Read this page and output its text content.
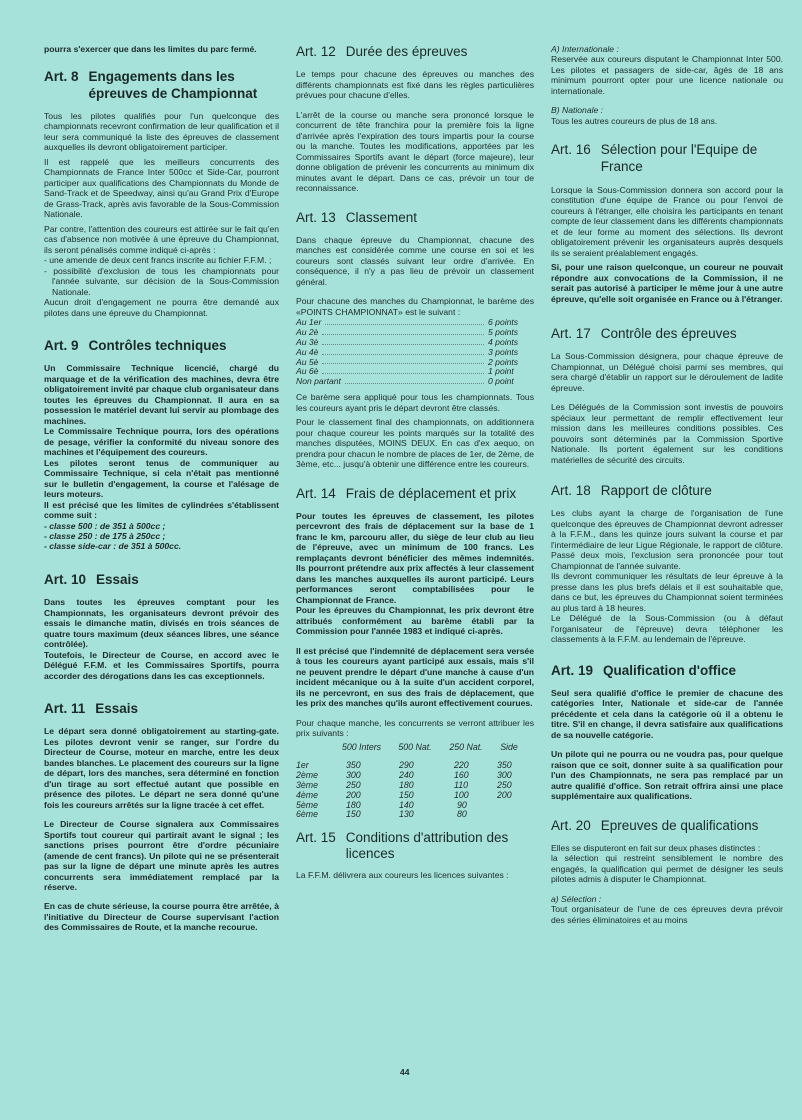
pourra s'exercer que dans les limites du parc fermé.

Art. 8 Engagements dans les épreuves de Championnat

Tous les pilotes qualifiés pour l'un quelconque des championnats recevront confirmation de leur qualification et il leur sera communiqué la liste des épreuves de classement auxquelles ils devront obligatoirement participer.

Il est rappelé que les meilleurs concurrents des Championnats de France Inter 500cc et Side-Car, pourront participer aux qualifications des Championnats du Monde de Sand-Track et de Speedway, ainsi qu'au Grand Prix d'Europe de Grass-Track, après avis favorable de la Sous-Commission Nationale.

Par contre, l'attention des coureurs est attirée sur le fait qu'en cas d'absence non motivée à une épreuve du Championnat, ils seront pénalisés comme indiqué ci-après :

- une amende de deux cent francs inscrite au fichier F.F.M. ;

- possibilité d'exclusion de tous les championnats pour l'année suivante, sur décision de la Sous-Commission Nationale.

Aucun droit d'engagement ne pourra être demandé aux pilotes dans une épreuve du Championnat.

Art. 9 Contrôles techniques

Un Commissaire Technique licencié, chargé du marquage et de la vérification des machines, devra être obligatoirement invité par chaque club organisateur dans toutes les épreuves du Championnat. Il aura en sa possession le matériel devant lui servir au plombage des machines.

Le Commissaire Technique pourra, lors des opérations de pesage, vérifier la conformité du niveau sonore des machines et l'équipement des coureurs.

Les pilotes seront tenus de communiquer au Commissaire Technique, si cela n'était pas mentionné sur le bulletin d'engagement, la course et l'alésage de leurs moteurs.

Il est précisé que les limites de cylindrées s'établissent comme suit :

- classe 500 : de 351 à 500cc ;

- classe 250 : de 175 à 250cc ;

- classe side-car : de 351 à 500cc.

Art. 10 Essais

Dans toutes les épreuves comptant pour les Championnats, les organisateurs devront prévoir des essais le dimanche matin, divisés en trois séances de quatre tours maximum (deux séances libres, une séance contrôlée).

Toutefois, le Directeur de Course, en accord avec le Délégué F.F.M. et les Commissaires Sportifs, pourra accorder des dérogations dans les cas exceptionnels.

Art. 11 Essais

Le départ sera donné obligatoirement au starting-gate. Les pilotes devront venir se ranger, sur l'ordre du Directeur de Course, moteur en marche, entre les deux bandes blanches. Le placement des coureurs sur la ligne de départ, lors des manches, sera déterminé en fonction d'un tirage au sort effectué autant que possible en présence des pilotes. Le départ ne sera donné qu'une fois les coureurs arrêtés sur la ligne tracée à cet effet.

Le Directeur de Course signalera aux Commissaires Sportifs tout coureur qui partirait avant le signal ; les sanctions prises pourront être d'ordre pécuniaire (amende de cent francs). Un pilote qui ne se présenterait pas sur la ligne de départ une minute après les autres concurrents sera immédiatement remplacé par la réserve.

En cas de chute sérieuse, la course pourra être arrêtée, à l'initiative du Directeur de Course supervisant l'action des Commissaires de Route, et la manche recourue.

Art. 12 Durée des épreuves

Le temps pour chacune des épreuves ou manches des différents championnats est fixé dans les règles particulières prévues pour chacune d'elles.

L'arrêt de la course ou manche sera prononcé lorsque le concurrent de tête franchira pour la première fois la ligne d'arrivée après l'expiration des tours impartis pour la course ou la manche. Toutes les modifications, apportées par les Commissaires Sportifs avant le départ (force majeure), leur donne obligation de prévenir les concurrents au minimum dix minutes avant le départ. Dans ce cas, prévoir un tour de reconnaissance.

Art. 13 Classement

Dans chaque épreuve du Championnat, chacune des manches est considérée comme une course en soi et les coureurs sont classés suivant leur ordre d'arrivée. En conséquence, il n'y a pas lieu de prévoir un classement général.

Pour chacune des manches du Championnat, le barème des «POINTS CHAMPIONNAT» est le suivant :

Au 1er	6 points
Au 2è	5 points
Au 3è	4 points
Au 4è	3 points
Au 5è	2 points
Au 6è	1 point
Non partant	0 point

Ce barème sera appliqué pour tous les championnats. Tous les coureurs ayant pris le départ devront être classés.

Pour le classement final des championnats, on additionnera pour chaque coureur les points marqués sur la totalité des manches disputées, MOINS DEUX. En cas d'ex aequo, on prendra pour chacun le nombre de places de 1er, de 2ème, de 3ème, etc... jusqu'à obtenir une différence entre les coureurs.

Art. 14 Frais de déplacement et prix

Pour toutes les épreuves de classement, les pilotes percevront des frais de déplacement sur la base de 1 franc le km, parcouru aller, du siège de leur club au lieu de l'épreuve, avec un minimum de 100 francs. Les remplaçants devront bénéficier des mêmes indemnités. Ils pourront prétendre aux prix affectés à leur classement dans les manches auxquelles ils auront participé. Leurs performances seront comptabilisées pour le Championnat de France.

Pour les épreuves du Championnat, les prix devront être attribués conformément au barème établi par la Commission pour l'année 1983 et indiqué ci-après.

Il est précisé que l'indemnité de déplacement sera versée à tous les coureurs ayant participé aux essais, mais s'il ne peuvent prendre le départ d'une manche à cause d'un incident mécanique ou à la suite d'un accident corporel, ils ne percevront, en sus des frais de déplacement, que les prix des manches qu'ils auront effectivement courues.

Pour chaque manche, les concurrents se verront attribuer les prix suivants :

	500 Inters	500 Nat.	250 Nat.	Side
1er	350	290	220	350
2ème	300	240	160	300
3ème	250	180	110	250
4ème	200	150	100	200
5ème	180	140	90	
6ème	150	130	80	
Art. 15 Conditions d'attribution des licences

La F.F.M. délivrera aux coureurs les licences suivantes :

A) Internationale :

Reservée aux coureurs disputant le Championnat Inter 500. Les pilotes et passagers de side-car, âgés de 18 ans minimum pourront opter pour une licence nationale ou internationale.

B) Nationale :

Tous les autres coureurs de plus de 18 ans.

Art. 16 Sélection pour l'Equipe de France

Lorsque la Sous-Commission donnera son accord pour la constitution d'une équipe de France ou pour l'envoi de coureurs à l'étranger, elle choisira les participants en tenant compte de leur classement dans les différents championnats et de leur forme au moment des sélections. Ils devront obligatoirement prévenir les organisateurs auprès desquels ils se seraient préalablement engagés.

Si, pour une raison quelconque, un coureur ne pouvait répondre aux convocations de la Commission, il ne serait pas autorisé à participer le même jour à une autre épreuve, qu'elle soit organisée en France ou à l'étranger.

Art. 17 Contrôle des épreuves

La Sous-Commission désignera, pour chaque épreuve de Championnat, un Délégué choisi parmi ses membres, qui sera chargé d'établir un rapport sur le déroulement de ladite épreuve.

Les Délégués de la Commission sont investis de pouvoirs spéciaux leur permettant de remplir effectivement leur mission dans les meilleures conditions possibles. Ces pouvoirs sont déterminés par la Commission Sportive Nationale. Ils portent également sur les conditions matérielles de sécurité des circuits.

Art. 18 Rapport de clôture

Les clubs ayant la charge de l'organisation de l'une quelconque des épreuves de Championnat devront adresser à la F.F.M., dans les quinze jours suivant la course et par l'intermédiaire de leur Ligue Régionale, le rapport de clôture. Passé deux mois, l'exclusion sera prononcée pour tout Championnat de l'année suivante.

Ils devront communiquer les résultats de leur épreuve à la presse dans les plus brefs délais et il est souhaitable que, dans ce but, les épreuves du Championnat soient terminées au plus tard à 18 heures.

Le Délégué de la Sous-Commission (ou à défaut l'organisateur de l'épreuve) devra téléphoner les classements à la F.F.M. au lendemain de l'épreuve.

Art. 19 Qualification d'office

Seul sera qualifié d'office le premier de chacune des catégories Inter, Nationale et side-car de l'année précédente et cela dans la catégorie où il a obtenu le titre. S'il en change, il devra satisfaire aux qualifications de sa nouvelle catégorie.

Un pilote qui ne pourra ou ne voudra pas, pour quelque raison que ce soit, donner suite à sa qualification pour l'un des Championnats, ne sera pas remplacé par un autre qualifié d'office. Son retrait offrira ainsi une place supplémentaire aux qualifications.

Art. 20 Epreuves de qualifications

Elles se disputeront en fait sur deux phases distinctes :

la sélection qui restreint sensiblement le nombre des engagés, la qualification qui permet de désigner les seuls pilotes admis à disputer le Championnat.

a) Sélection :

Tout organisateur de l'une de ces épreuves devra prévoir des séries éliminatoires et au moins

44
